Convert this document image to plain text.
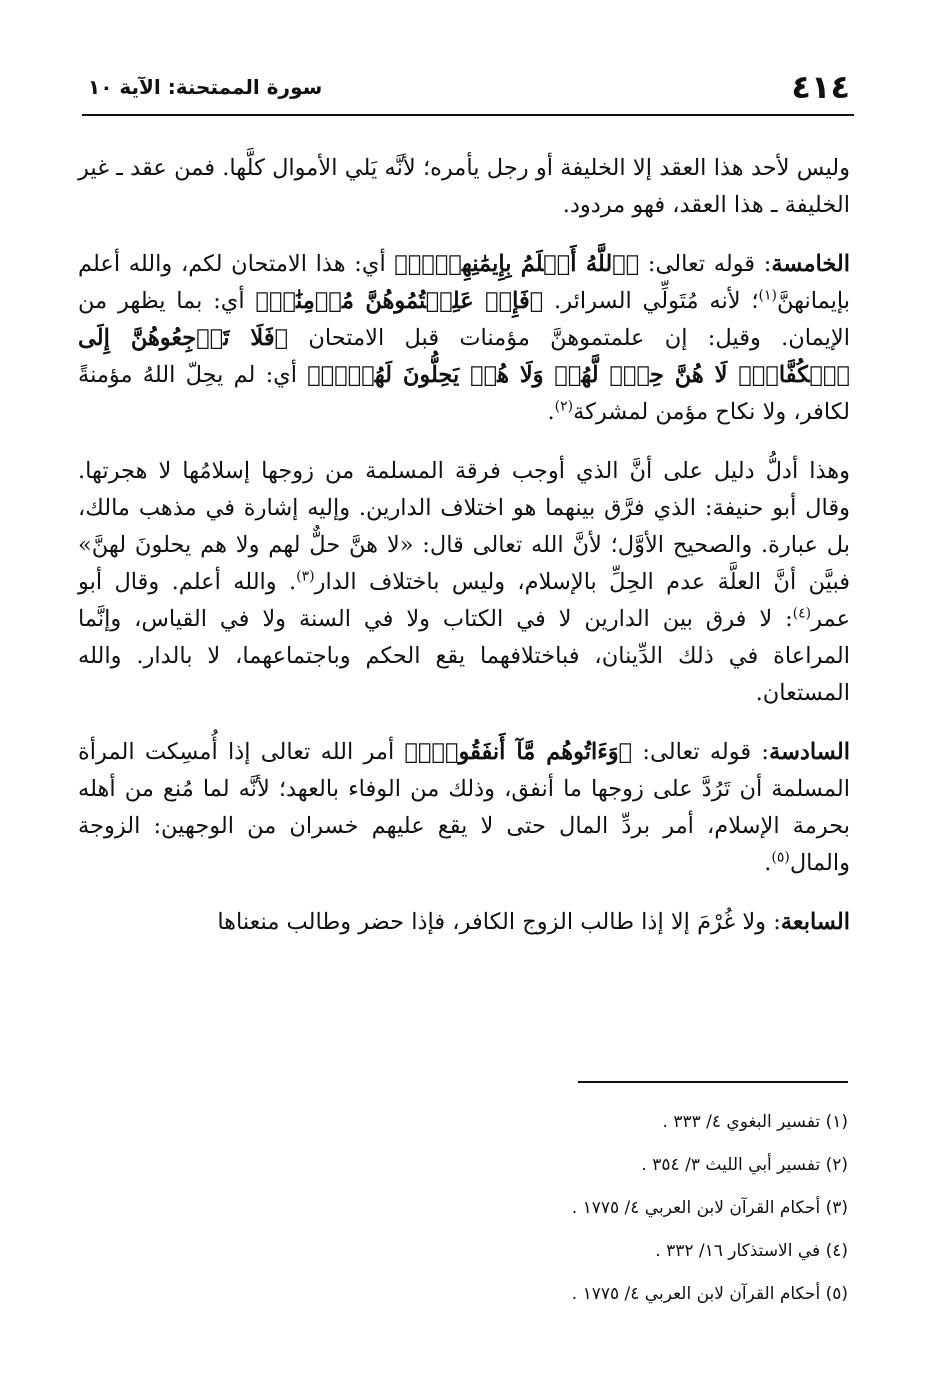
٤١٤
سورة الممتحنة: الآية ١٠

وليس لأحد هذا العقد إلا الخليفة أو رجل يأمره؛ لأنَّه يَلي الأموال كلَّها. فمن عقد ـ غير الخليفة ـ هذا العقد، فهو مردود.

الخامسة: قوله تعالى: ﴿ٱللَّهُ أَعۡلَمُ بِإِيمَٰنِهِنَّۖ﴾ أي: هذا الامتحان لكم، والله أعلم بإيمانهنَّ$^{(١)}$؛ لأنه مُتَولِّي السرائر. ﴿فَإِنۡ عَلِمۡتُمُوهُنَّ مُؤۡمِنَٰتٖ﴾ أي: بما يظهر من الإيمان. وقيل: إن علمتموهنَّ مؤمنات قبل الامتحان ﴿فَلَا تَرۡجِعُوهُنَّ إِلَى ٱلۡكُفَّارِۖ لَا هُنَّ حِلّٞ لَّهُمۡ وَلَا هُمۡ يَحِلُّونَ لَهُنَّۖ﴾ أي: لم يحِلّ اللهُ مؤمنةً لكافر، ولا نكاح مؤمن لمشركة$^{(٢)}$.

وهذا أدلُّ دليل على أنَّ الذي أوجب فرقة المسلمة من زوجها إسلامُها لا هجرتها. وقال أبو حنيفة: الذي فرَّق بينهما هو اختلاف الدارين. وإليه إشارة في مذهب مالك، بل عبارة. والصحيح الأوَّل؛ لأنَّ الله تعالى قال: «لا هنَّ حلٌّ لهم ولا هم يحلونَ لهنَّ» فبيَّن أنَّ العلَّة عدم الحِلِّ بالإسلام، وليس باختلاف الدار$^{(٣)}$. والله أعلم. وقال أبو عمر$^{(٤)}$: لا فرق بين الدارين لا في الكتاب ولا في السنة ولا في القياس، وإنَّما المراعاة في ذلك الدِّينان، فباختلافهما يقع الحكم وباجتماعهما، لا بالدار. والله المستعان.

السادسة: قوله تعالى: ﴿وَءَاتُوهُم مَّآ أَنفَقُواْۚ﴾ أمر الله تعالى إذا أُمسِكت المرأة المسلمة أن تَرُدَّ على زوجها ما أنفق، وذلك من الوفاء بالعهد؛ لأنَّه لما مُنع من أهله بحرمة الإسلام، أمر بردِّ المال حتى لا يقع عليهم خسران من الوجهين: الزوجة والمال$^{(٥)}$.

السابعة: ولا غُرْمَ إلا إذا طالب الزوج الكافر، فإذا حضر وطالب منعناها

(١) تفسير البغوي ٤/ ٣٣٣ .
(٢) تفسير أبي الليث ٣/ ٣٥٤ .
(٣) أحكام القرآن لابن العربي ٤/ ١٧٧٥ .
(٤) في الاستذكار ١٦/ ٣٣٢ .
(٥) أحكام القرآن لابن العربي ٤/ ١٧٧٥ .
